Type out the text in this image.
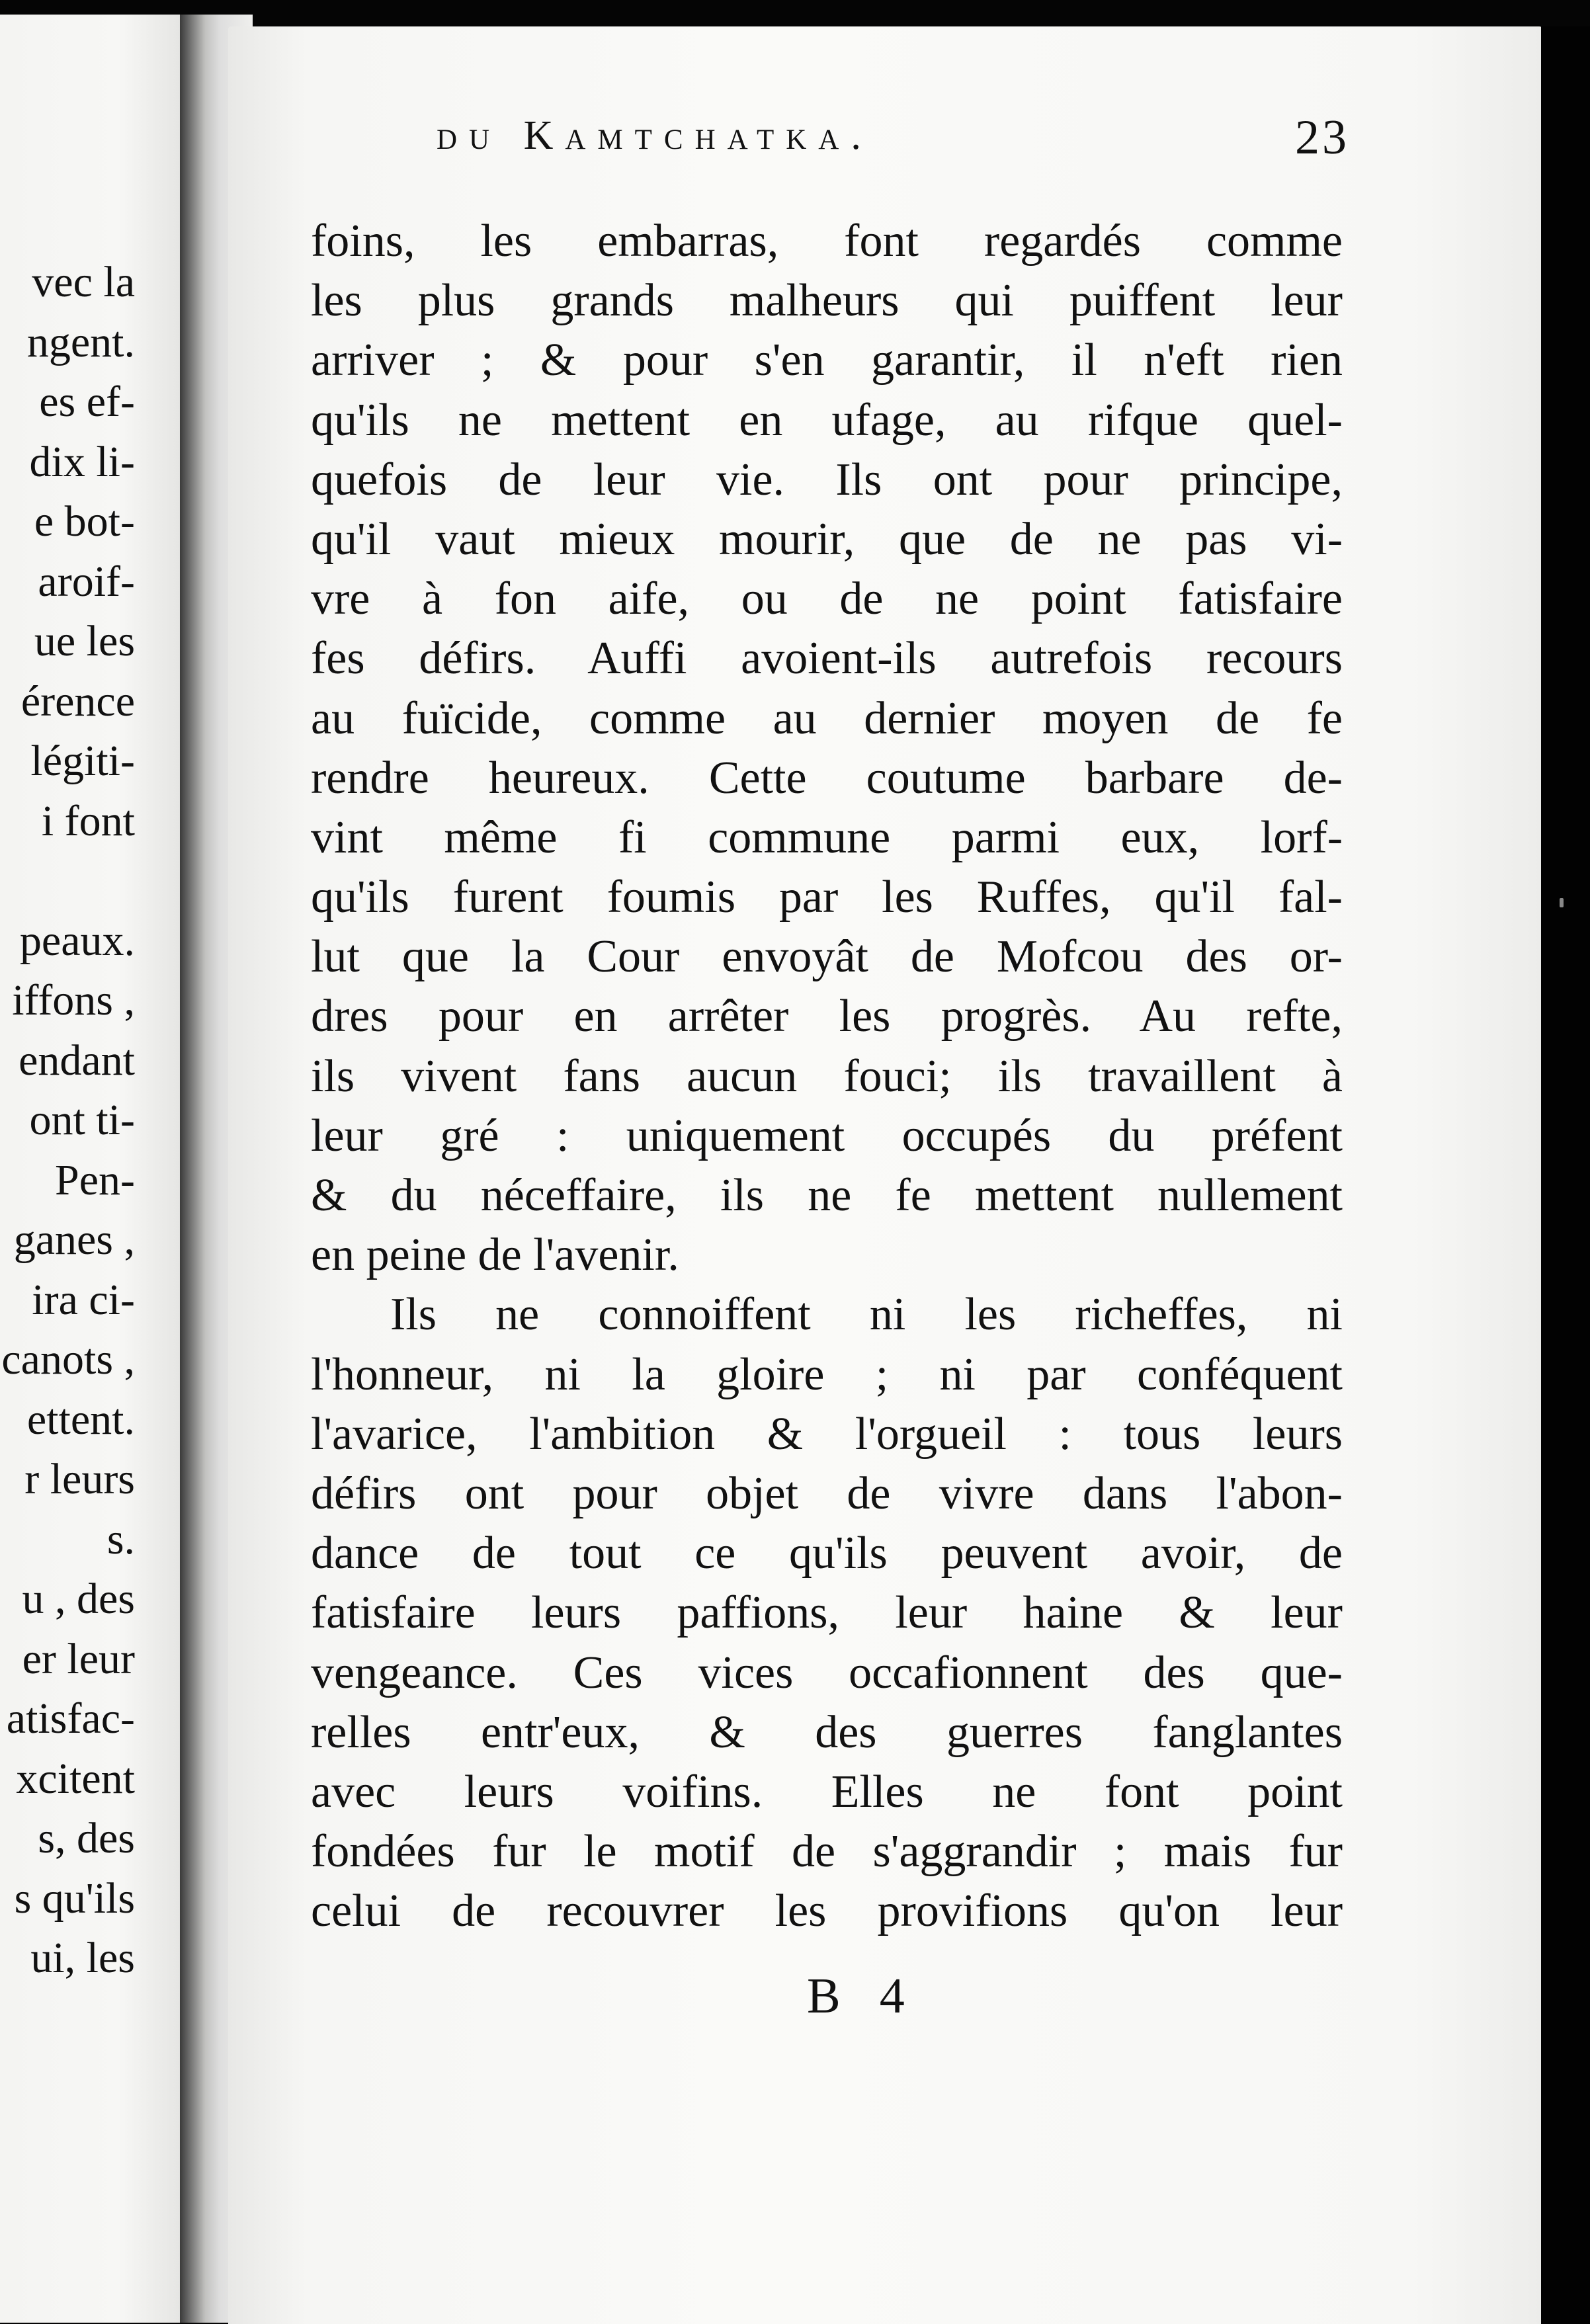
vec la
ngent.
es ef-
dix li-
e bot-
aroif-
ue les
érence
légiti-
i font
peaux.
iffons ,
endant
ont ti-
Pen-
ganes ,
ira ci-
canots ,
ettent.
r leurs
s.
u , des
er leur
atisfac-
xcitent
s, des
s qu'ils
ui, les
du Kamtchatka.	23
foins, les embarras, font regardés comme
les plus grands malheurs qui puiffent leur
arriver ; & pour s'en garantir, il n'eft rien
qu'ils ne mettent en ufage, au rifque quel-
quefois de leur vie. Ils ont pour principe,
qu'il vaut mieux mourir, que de ne pas vi-
vre à fon aife, ou de ne point fatisfaire
fes défirs. Auffi avoient-ils autrefois recours
au fuïcide, comme au dernier moyen de fe
rendre heureux. Cette coutume barbare de-
vint même fi commune parmi eux, lorf-
qu'ils furent foumis par les Ruffes, qu'il fal-
lut que la Cour envoyât de Mofcou des or-
dres pour en arrêter les progrès. Au refte,
ils vivent fans aucun fouci; ils travaillent à
leur gré : uniquement occupés du préfent
& du néceffaire, ils ne fe mettent nullement
en peine de l'avenir.
Ils ne connoiffent ni les richeffes, ni
l'honneur, ni la gloire ; ni par conféquent
l'avarice, l'ambition & l'orgueil : tous leurs
défirs ont pour objet de vivre dans l'abon-
dance de tout ce qu'ils peuvent avoir, de
fatisfaire leurs paffions, leur haine & leur
vengeance. Ces vices occafionnent des que-
relles entr'eux, & des guerres fanglantes
avec leurs voifins. Elles ne font point
fondées fur le motif de s'aggrandir ; mais fur
celui de recouvrer les provifions qu'on leur
B 4
